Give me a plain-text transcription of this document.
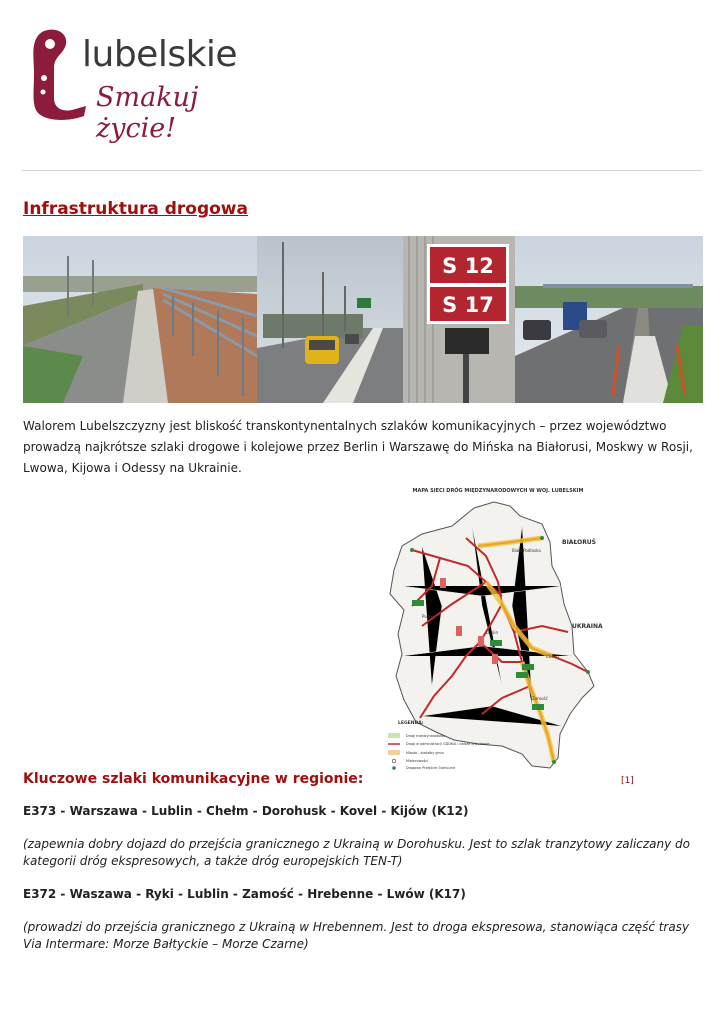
lubelskie
Smakuj życie!
Infrastruktura drogowa
S 12
S 17

Walorem Lubelszczyzny jest bliskość transkontynentalnych szlaków komunikacyjnych – przez województwo prowadzą najkrótsze szlaki drogowe i kolejowe przez Berlin i Warszawę do Mińska na Białorusi, Moskwy w Rosji, Lwowa, Kijowa i Odessy na Ukrainie.

MAPA SIECI DRÓG MIĘDZYNARODOWYCH W WOJ. LUBELSKIM
BIAŁORUŚ
UKRAINA
Lublin
Zamość
Chełm
Biała Podlaska
Puławy
LEGENDA:
Drogi międzynarodowe
Drogi w administracji GDDKiA i dalsze w budowie
Miasta - siedziby gmin
Miejscowości
Drogowe Przejście Graniczne
Kluczowe szlaki komunikacyjne w regionie:	[1]
E373 - Warszawa - Lublin - Chełm - Dorohusk - Kovel - Kijów (K12)
(zapewnia dobry dojazd do przejścia granicznego z Ukrainą w Dorohusku. Jest to szlak tranzytowy zaliczany do kategorii dróg ekspresowych, a także dróg europejskich TEN-T)
E372 - Waszawa - Ryki - Lublin - Zamość - Hrebenne - Lwów (K17)
(prowadzi do przejścia granicznego z Ukrainą w Hrebennem. Jest to droga ekspresowa, stanowiąca część trasy Via Intermare: Morze Bałtyckie – Morze Czarne)
